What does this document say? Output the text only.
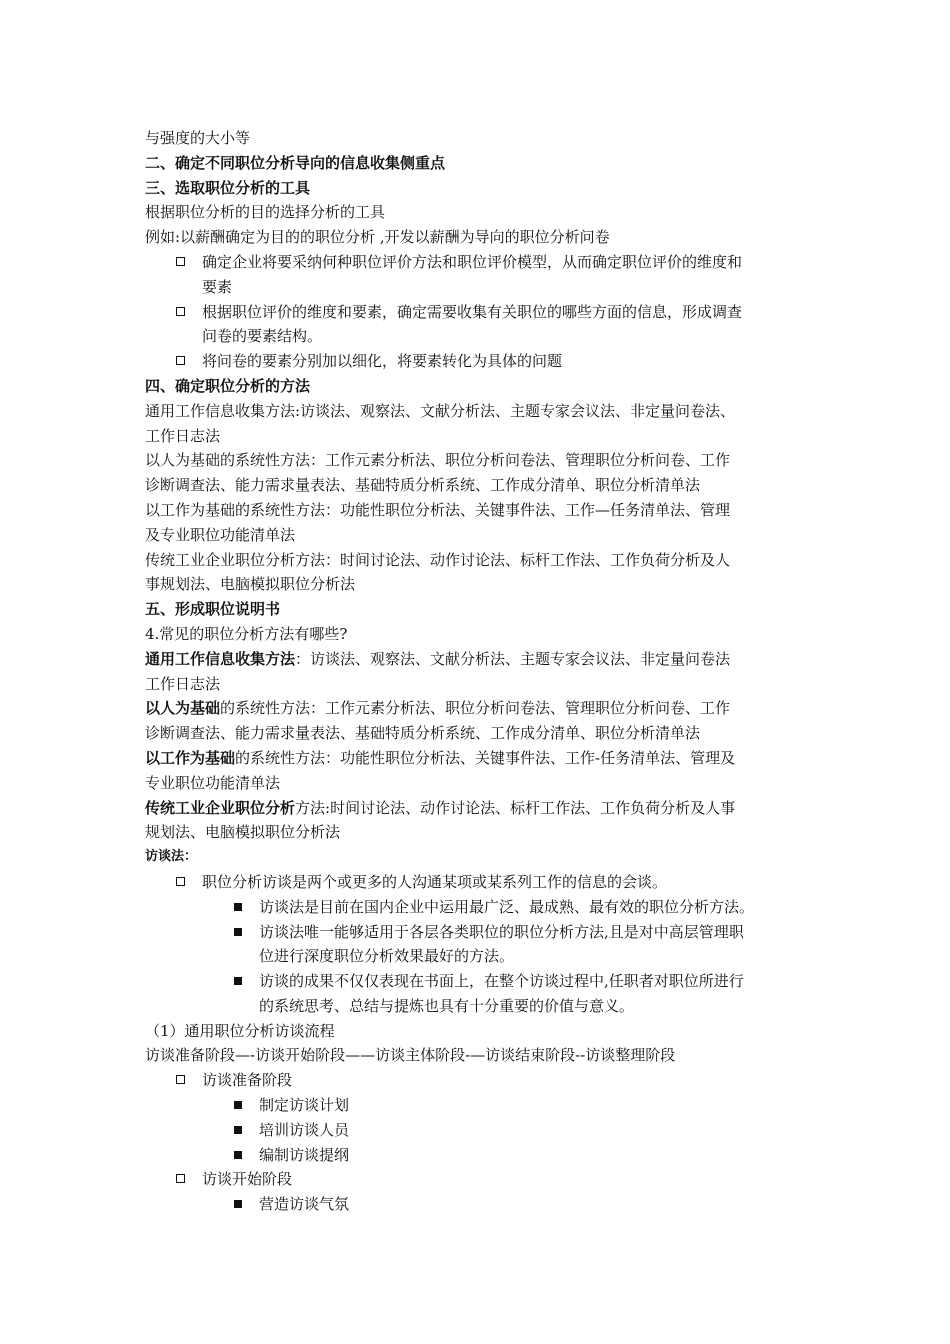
与强度的大小等
二、确定不同职位分析导向的信息收集侧重点
三、选取职位分析的工具
根据职位分析的目的选择分析的工具
例如:以薪酬确定为目的的职位分析 ,开发以薪酬为导向的职位分析问卷
确定企业将要采纳何种职位评价方法和职位评价模型，从而确定职位评价的维度和
要素
根据职位评价的维度和要素，确定需要收集有关职位的哪些方面的信息，形成调查
问卷的要素结构。
将问卷的要素分别加以细化，将要素转化为具体的问题
四、确定职位分析的方法
通用工作信息收集方法:访谈法、观察法、文献分析法、主题专家会议法、非定量问卷法、
工作日志法
以人为基础的系统性方法：工作元素分析法、职位分析问卷法、管理职位分析问卷、工作
诊断调查法、能力需求量表法、基础特质分析系统、工作成分清单、职位分析清单法
以工作为基础的系统性方法：功能性职位分析法、关键事件法、工作—任务清单法、管理
及专业职位功能清单法
传统工业企业职位分析方法：时间讨论法、动作讨论法、标杆工作法、工作负荷分析及人
事规划法、电脑模拟职位分析法
五、形成职位说明书
4.常见的职位分析方法有哪些?
通用工作信息收集方法：访谈法、观察法、文献分析法、主题专家会议法、非定量问卷法
工作日志法
以人为基础的系统性方法：工作元素分析法、职位分析问卷法、管理职位分析问卷、工作
诊断调查法、能力需求量表法、基础特质分析系统、工作成分清单、职位分析清单法
以工作为基础的系统性方法：功能性职位分析法、关键事件法、工作-任务清单法、管理及
专业职位功能清单法
传统工业企业职位分析方法:时间讨论法、动作讨论法、标杆工作法、工作负荷分析及人事
规划法、电脑模拟职位分析法
访谈法：
职位分析访谈是两个或更多的人沟通某项或某系列工作的信息的会谈。
访谈法是目前在国内企业中运用最广泛、最成熟、最有效的职位分析方法。
访谈法唯一能够适用于各层各类职位的职位分析方法,且是对中高层管理职
位进行深度职位分析效果最好的方法。
访谈的成果不仅仅表现在书面上，在整个访谈过程中,任职者对职位所进行
的系统思考、总结与提炼也具有十分重要的价值与意义。
（1）通用职位分析访谈流程
访谈准备阶段—-访谈开始阶段——访谈主体阶段-—访谈结束阶段--访谈整理阶段
访谈准备阶段
制定访谈计划
培训访谈人员
编制访谈提纲
访谈开始阶段
营造访谈气氛
